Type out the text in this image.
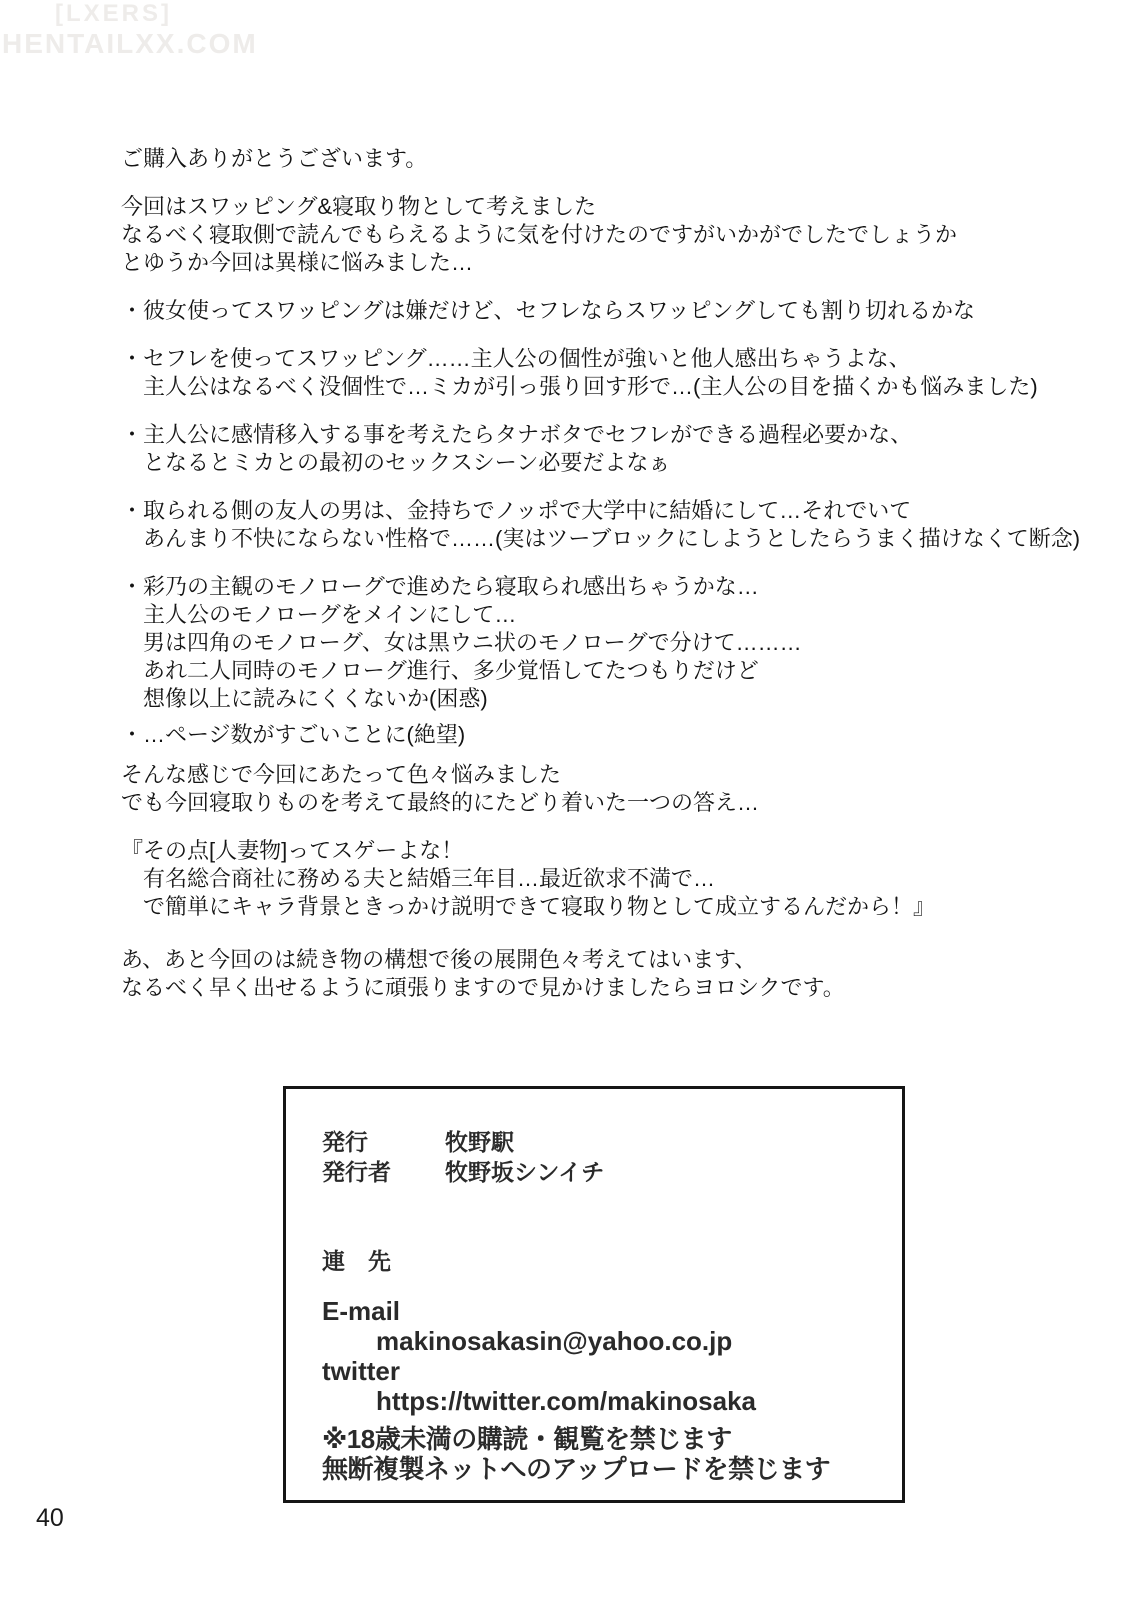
[LXERS]
HENTAILXX.COM
ご購入ありがとうございます。
今回はスワッピング&寝取り物として考えました
なるべく寝取側で読んでもらえるように気を付けたのですがいかがでしたでしょうか
とゆうか今回は異様に悩みました…
・彼女使ってスワッピングは嫌だけど、セフレならスワッピングしても割り切れるかな
・セフレを使ってスワッピング……主人公の個性が強いと他人感出ちゃうよな、
　主人公はなるべく没個性で…ミカが引っ張り回す形で…(主人公の目を描くかも悩みました)
・主人公に感情移入する事を考えたらタナボタでセフレができる過程必要かな、
　となるとミカとの最初のセックスシーン必要だよなぁ
・取られる側の友人の男は、金持ちでノッポで大学中に結婚にして…それでいて
　あんまり不快にならない性格で……(実はツーブロックにしようとしたらうまく描けなくて断念)
・彩乃の主観のモノローグで進めたら寝取られ感出ちゃうかな…
　主人公のモノローグをメインにして…
　男は四角のモノローグ、女は黒ウニ状のモノローグで分けて………
　あれ二人同時のモノローグ進行、多少覚悟してたつもりだけど
　想像以上に読みにくくないか(困惑)
・…ページ数がすごいことに(絶望)
そんな感じで今回にあたって色々悩みました
でも今回寝取りものを考えて最終的にたどり着いた一つの答え…
『その点[人妻物]ってスゲーよな！
　有名総合商社に務める夫と結婚三年目…最近欲求不満で…
　で簡単にキャラ背景ときっかけ説明できて寝取り物として成立するんだから！』
あ、あと今回のは続き物の構想で後の展開色々考えてはいます、
なるべく早く出せるように頑張りますので見かけましたらヨロシクです。
発行	牧野駅
発行者	牧野坂シンイチ
連　先
E-mail
makinosakasin@yahoo.co.jp
twitter
https://twitter.com/makinosaka
※18歳未満の購読・観覧を禁じます
無断複製ネットへのアップロードを禁じます
40
